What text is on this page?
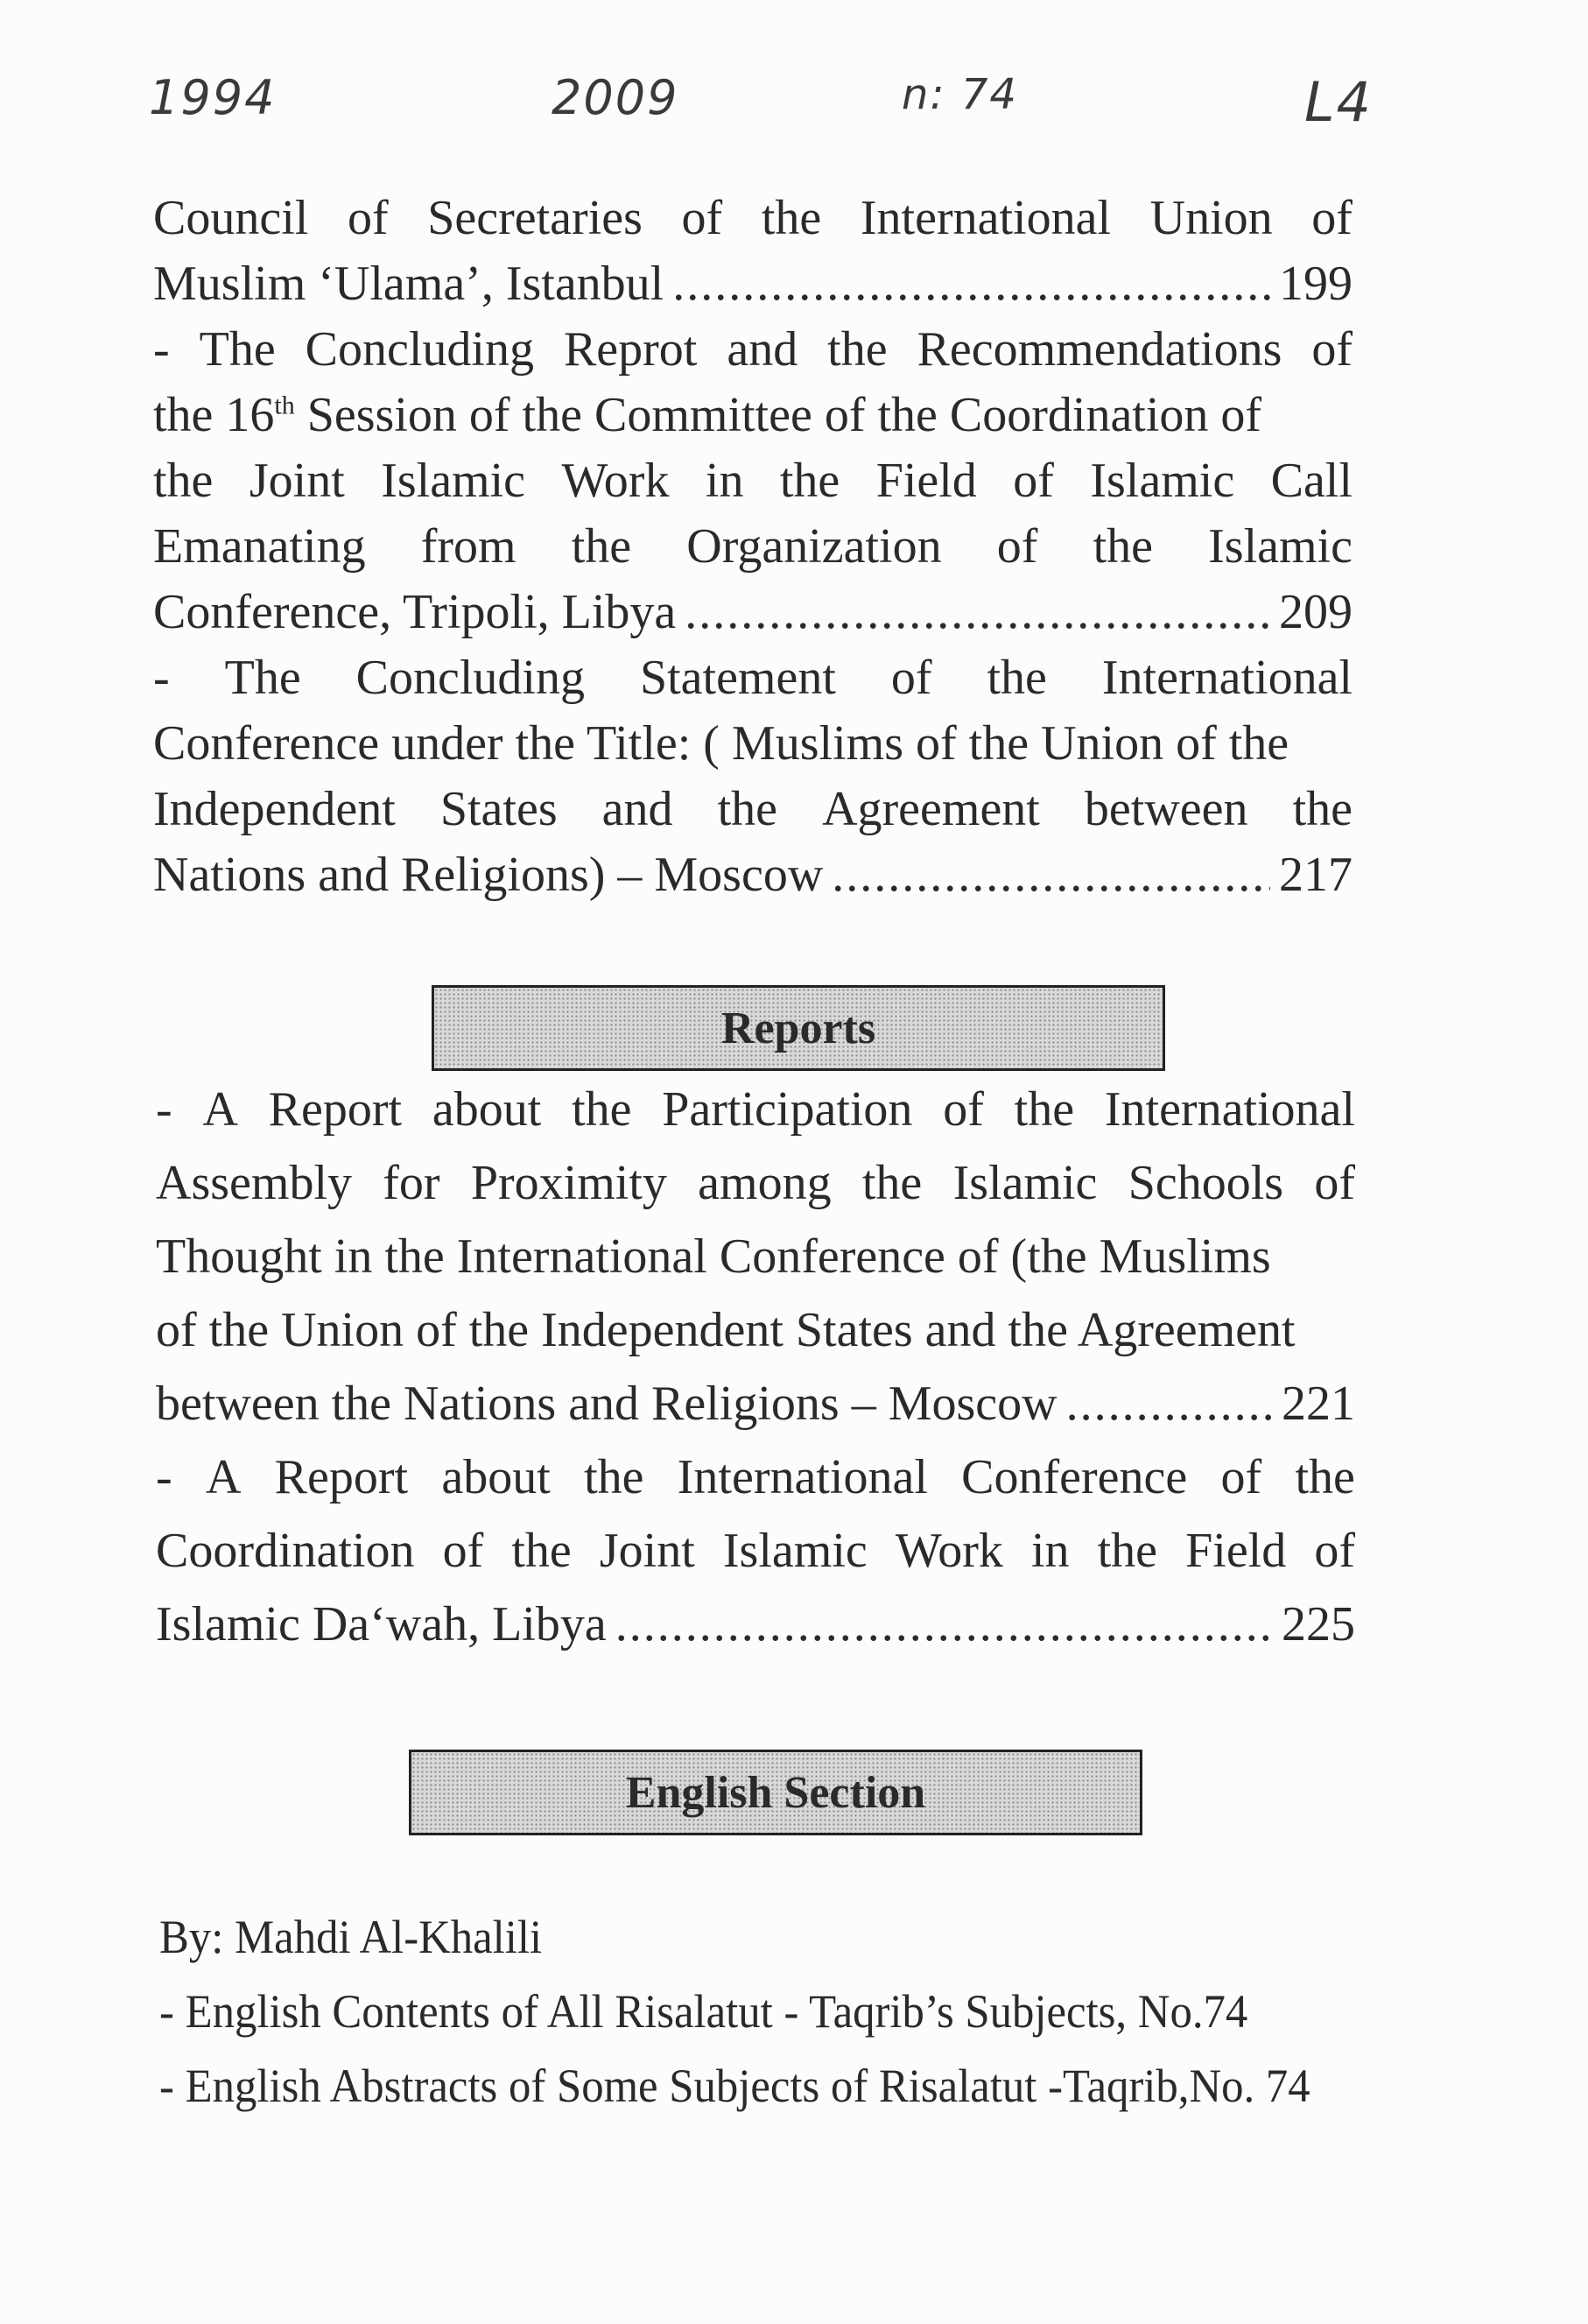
1994	2009	n: 74	L4
Council of Secretaries of the International Union of
Muslim ‘Ulama’, Istanbul .....	199
- The Concluding Reprot and the Recommendations of
the 16th Session of the Committee of the Coordination of
the Joint Islamic Work in the Field of Islamic Call
Emanating from the Organization of the Islamic
Conference, Tripoli, Libya .....	209
- The Concluding Statement of the International
Conference under the Title: ( Muslims of the Union of the
Independent States and the Agreement between the
Nations and Religions) – Moscow .....	217
Reports
- A Report about the Participation of the International
Assembly for Proximity among the Islamic Schools of
Thought in the International Conference of (the Muslims
of the Union of the Independent States and the Agreement
between the Nations and Religions – Moscow .....	221
- A Report about the International Conference of the
Coordination of the Joint Islamic Work in the Field of
Islamic Da‘wah, Libya .....	225
English Section
By: Mahdi Al-Khalili
- English Contents of All Risalatut - Taqrib’s Subjects, No.74
- English Abstracts of Some Subjects of Risalatut -Taqrib,No. 74
